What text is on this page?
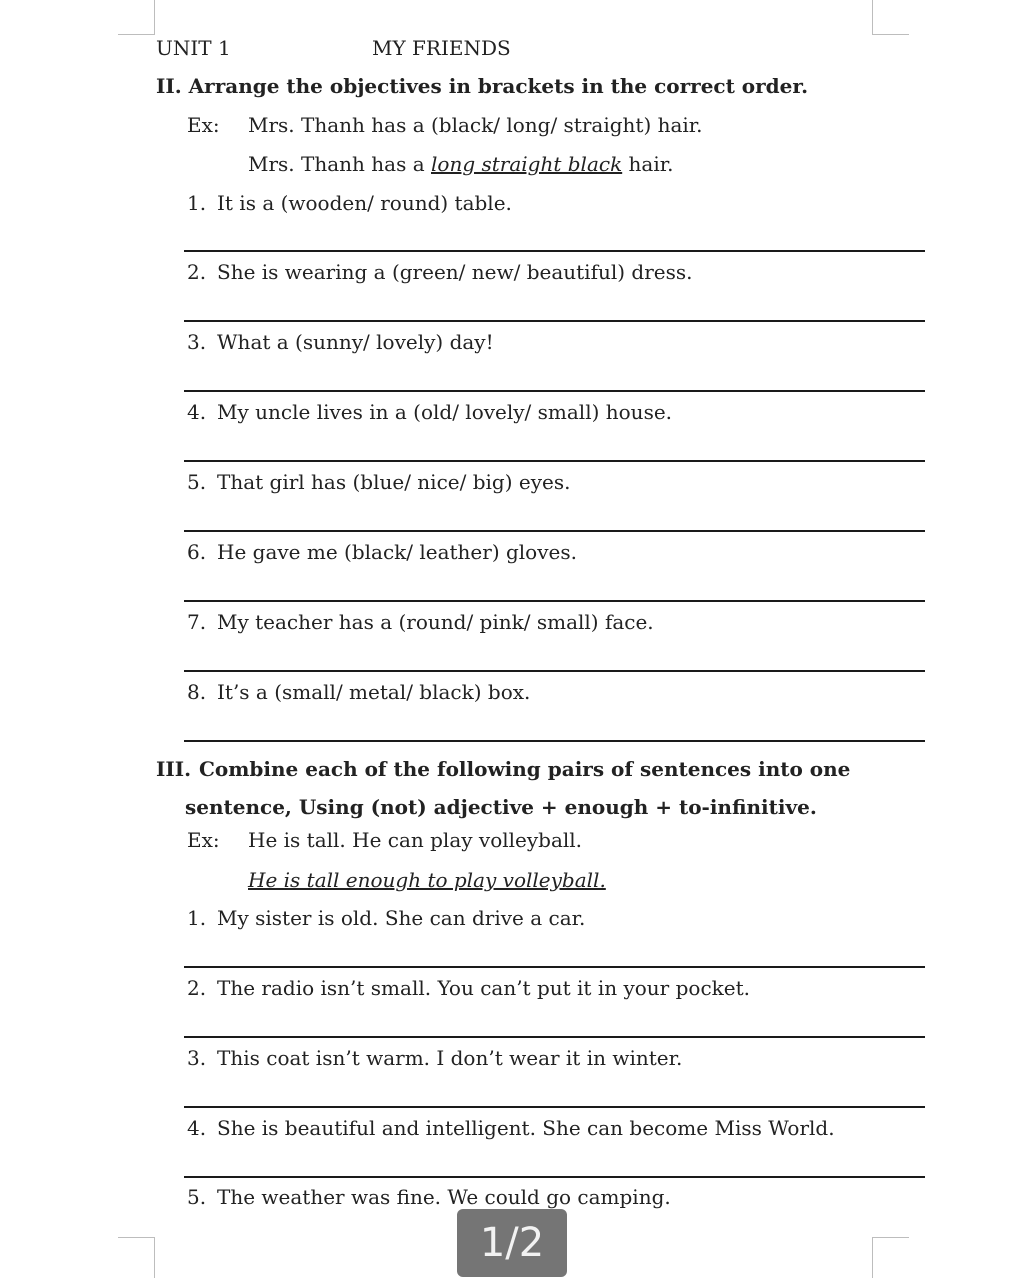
UNIT 1	MY FRIENDS
II. Arrange the objectives in brackets in the correct order.
Ex: Mrs. Thanh has a (black/ long/ straight) hair.
Mrs. Thanh has a long straight black hair.
1. It is a (wooden/ round) table.
2. She is wearing a (green/ new/ beautiful) dress.
3. What a (sunny/ lovely) day!
4. My uncle lives in a (old/ lovely/ small) house.
5. That girl has (blue/ nice/ big) eyes.
6. He gave me (black/ leather) gloves.
7. My teacher has a (round/ pink/ small) face.
8. It’s a (small/ metal/ black) box.
III. Combine each of the following pairs of sentences into one
sentence, Using (not) adjective + enough + to-infinitive.
Ex: He is tall. He can play volleyball.
He is tall enough to play volleyball.
1. My sister is old. She can drive a car.
2. The radio isn’t small. You can’t put it in your pocket.
3. This coat isn’t warm. I don’t wear it in winter.
4. She is beautiful and intelligent. She can become Miss World.
5. The weather was fine. We could go camping.
1/2
